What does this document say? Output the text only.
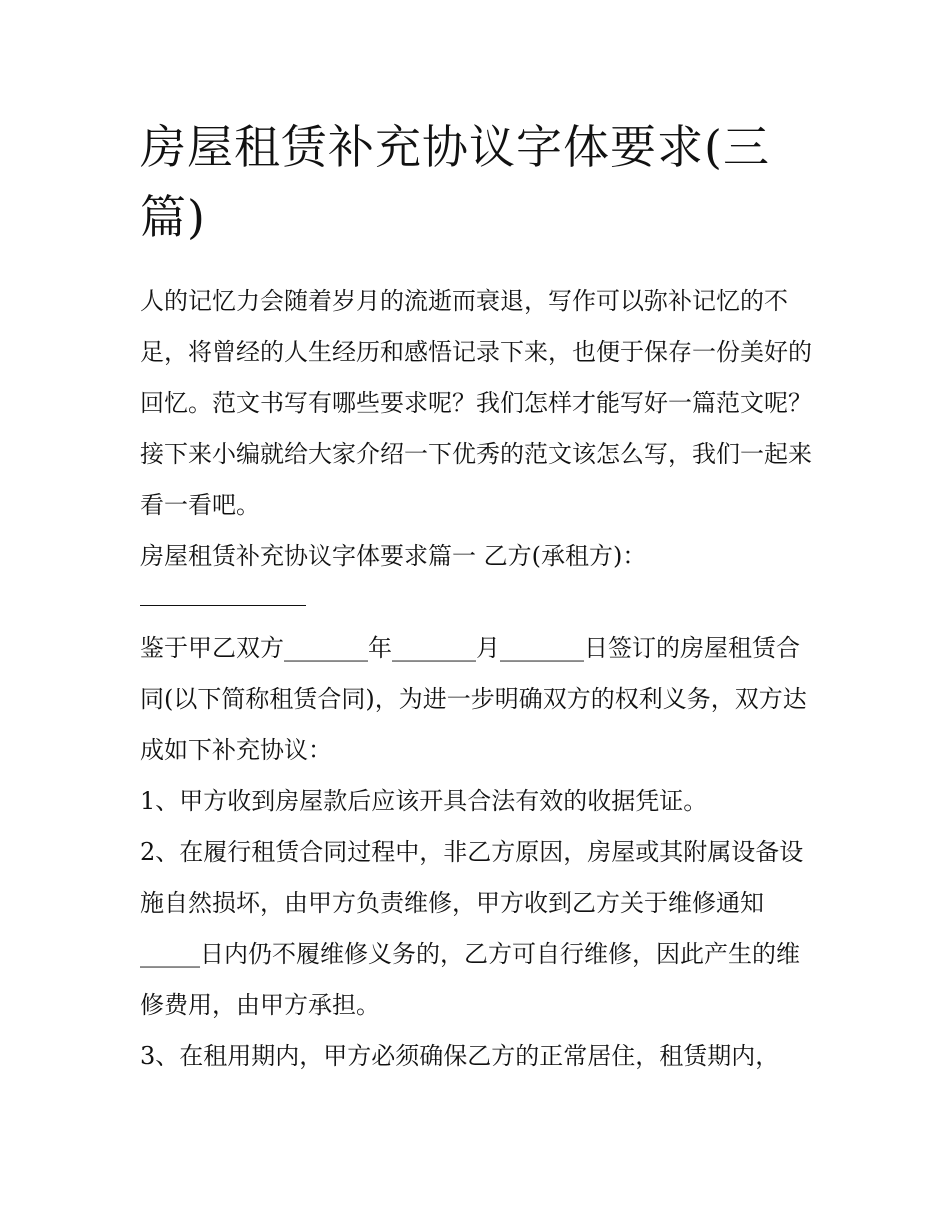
房屋租赁补充协议字体要求(三篇)

人的记忆力会随着岁月的流逝而衰退，写作可以弥补记忆的不足，将曾经的人生经历和感悟记录下来，也便于保存一份美好的回忆。范文书写有哪些要求呢？我们怎样才能写好一篇范文呢？接下来小编就给大家介绍一下优秀的范文该怎么写，我们一起来看一看吧。

房屋租赁补充协议字体要求篇一 乙方(承租方)：

鉴于甲乙双方_______年_______月_______日签订的房屋租赁合同(以下简称租赁合同)，为进一步明确双方的权利义务，双方达成如下补充协议：

1、甲方收到房屋款后应该开具合法有效的收据凭证。

2、在履行租赁合同过程中，非乙方原因，房屋或其附属设备设施自然损坏，由甲方负责维修，甲方收到乙方关于维修通知_____日内仍不履维修义务的，乙方可自行维修，因此产生的维修费用，由甲方承担。

3、在租用期内，甲方必须确保乙方的正常居住，租赁期内，
